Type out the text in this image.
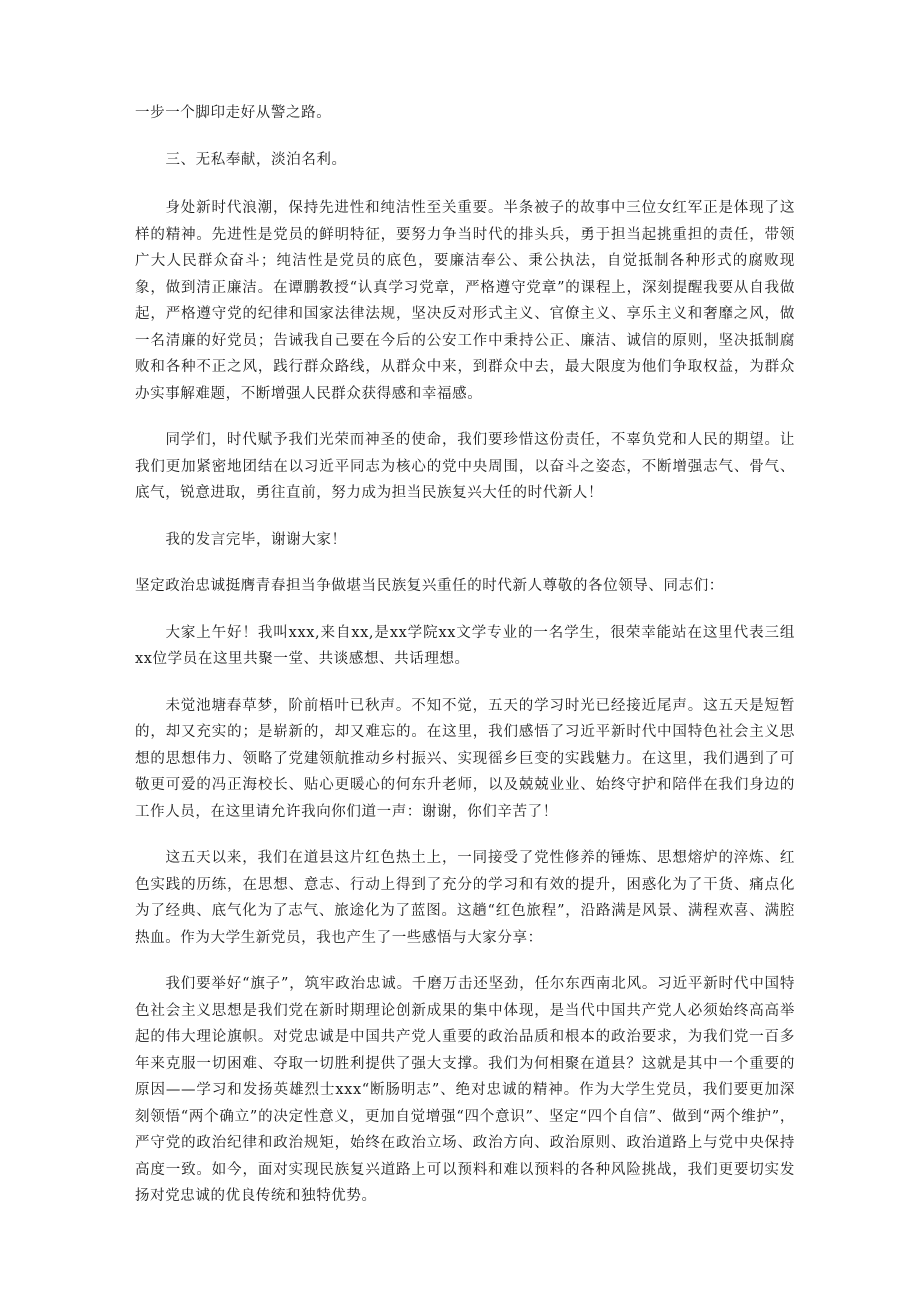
一步一个脚印走好从警之路。

三、无私奉献，淡泊名利。

身处新时代浪潮，保持先进性和纯洁性至关重要。半条被子的故事中三位女红军正是体现了这样的精神。先进性是党员的鲜明特征，要努力争当时代的排头兵，勇于担当起挑重担的责任，带领广大人民群众奋斗；纯洁性是党员的底色，要廉洁奉公、秉公执法，自觉抵制各种形式的腐败现象，做到清正廉洁。在谭鹏教授“认真学习党章，严格遵守党章”的课程上，深刻提醒我要从自我做起，严格遵守党的纪律和国家法律法规，坚决反对形式主义、官僚主义、享乐主义和奢靡之风，做一名清廉的好党员；告诫我自己要在今后的公安工作中秉持公正、廉洁、诚信的原则，坚决抵制腐败和各种不正之风，践行群众路线，从群众中来，到群众中去，最大限度为他们争取权益，为群众办实事解难题，不断增强人民群众获得感和幸福感。

同学们，时代赋予我们光荣而神圣的使命，我们要珍惜这份责任，不辜负党和人民的期望。让我们更加紧密地团结在以习近平同志为核心的党中央周围，以奋斗之姿态，不断增强志气、骨气、底气，锐意进取，勇往直前，努力成为担当民族复兴大任的时代新人！

我的发言完毕，谢谢大家！

坚定政治忠诚挺膺青春担当争做堪当民族复兴重任的时代新人尊敬的各位领导、同志们：

大家上午好！我叫xxx,来自xx,是xx学院xx文学专业的一名学生，很荣幸能站在这里代表三组xx位学员在这里共聚一堂、共谈感想、共话理想。

未觉池塘春草梦，阶前梧叶已秋声。不知不觉，五天的学习时光已经接近尾声。这五天是短暂的，却又充实的；是崭新的，却又难忘的。在这里，我们感悟了习近平新时代中国特色社会主义思想的思想伟力、领略了党建领航推动乡村振兴、实现徭乡巨变的实践魅力。在这里，我们遇到了可敬更可爱的冯正海校长、贴心更暖心的何东升老师，以及兢兢业业、始终守护和陪伴在我们身边的工作人员，在这里请允许我向你们道一声：谢谢，你们辛苦了！

这五天以来，我们在道县这片红色热土上，一同接受了党性修养的锤炼、思想熔炉的淬炼、红色实践的历练，在思想、意志、行动上得到了充分的学习和有效的提升，困惑化为了干货、痛点化为了经典、底气化为了志气、旅途化为了蓝图。这趟“红色旅程”，沿路满是风景、满程欢喜、满腔热血。作为大学生新党员，我也产生了一些感悟与大家分享：

我们要举好“旗子”，筑牢政治忠诚。千磨万击还坚劲，任尔东西南北风。习近平新时代中国特色社会主义思想是我们党在新时期理论创新成果的集中体现，是当代中国共产党人必须始终高高举起的伟大理论旗帜。对党忠诚是中国共产党人重要的政治品质和根本的政治要求，为我们党一百多年来克服一切困难、夺取一切胜利提供了强大支撑。我们为何相聚在道县？这就是其中一个重要的原因——学习和发扬英雄烈士xxx“断肠明志”、绝对忠诚的精神。作为大学生党员，我们要更加深刻领悟“两个确立”的决定性意义，更加自觉增强“四个意识”、坚定“四个自信”、做到“两个维护”，严守党的政治纪律和政治规矩，始终在政治立场、政治方向、政治原则、政治道路上与党中央保持高度一致。如今，面对实现民族复兴道路上可以预料和难以预料的各种风险挑战，我们更要切实发扬对党忠诚的优良传统和独特优势。
